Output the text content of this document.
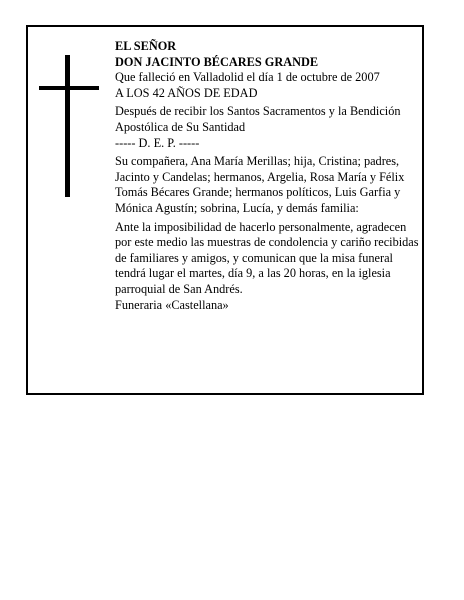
EL SEÑOR

DON JACINTO BÉCARES GRANDE

Que falleció en Valladolid el día 1 de octubre de 2007

A LOS 42 AÑOS DE EDAD

Después de recibir los Santos Sacramentos y la Bendición Apostólica de Su Santidad

----- D. E. P. -----

Su compañera, Ana María Merillas; hija, Cristina; padres, Jacinto y Candelas; hermanos, Argelia, Rosa María y Félix Tomás Bécares Grande; hermanos políticos, Luis Garfia y Mónica Agustín; sobrina, Lucía, y demás familia:

Ante la imposibilidad de hacerlo personalmente, agradecen por este medio las muestras de condolencia y cariño recibidas de familiares y amigos, y comunican que la misa funeral tendrá lugar el martes, día 9, a las 20 horas, en la iglesia parroquial de San Andrés.

Funeraria «Castellana»
